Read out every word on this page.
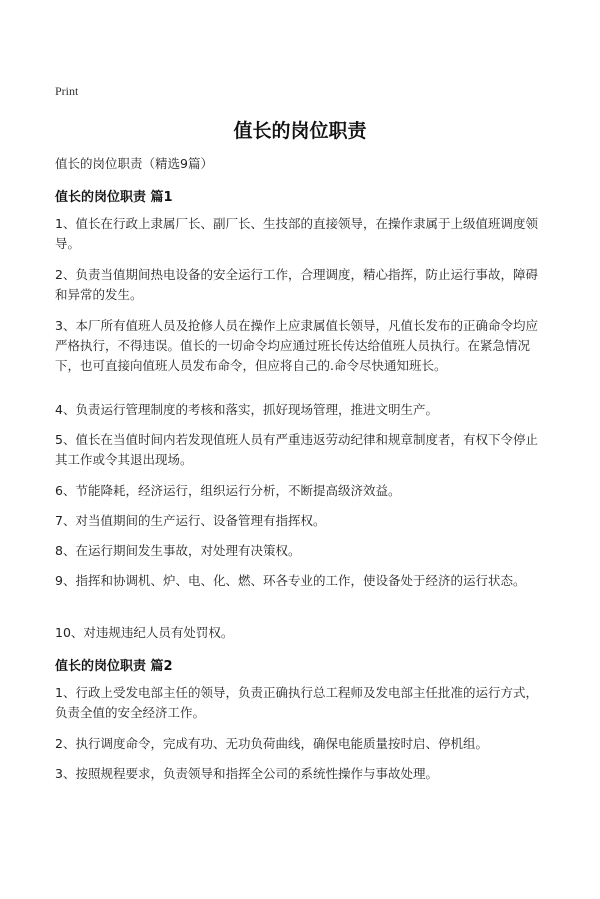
Print
值长的岗位职责
值长的岗位职责（精选9篇）
值长的岗位职责 篇1
1、值长在行政上隶属厂长、副厂长、生技部的直接领导，在操作隶属于上级值班调度领导。
2、负责当值期间热电设备的安全运行工作，合理调度，精心指挥，防止运行事故，障碍和异常的发生。
3、本厂所有值班人员及抢修人员在操作上应隶属值长领导，凡值长发布的正确命令均应严格执行，不得违误。值长的一切命令均应通过班长传达给值班人员执行。在紧急情况下，也可直接向值班人员发布命令，但应将自己的.命令尽快通知班长。
4、负责运行管理制度的考核和落实，抓好现场管理，推进文明生产。
5、值长在当值时间内若发现值班人员有严重违返劳动纪律和规章制度者，有权下令停止其工作或令其退出现场。
6、节能降耗，经济运行，组织运行分析，不断提高级济效益。
7、对当值期间的生产运行、设备管理有指挥权。
8、在运行期间发生事故，对处理有决策权。
9、指挥和协调机、炉、电、化、燃、环各专业的工作，使设备处于经济的运行状态。
10、对违规违纪人员有处罚权。
值长的岗位职责 篇2
1、行政上受发电部主任的领导，负责正确执行总工程师及发电部主任批准的运行方式，负责全值的安全经济工作。
2、执行调度命令，完成有功、无功负荷曲线，确保电能质量按时启、停机组。
3、按照规程要求，负责领导和指挥全公司的系统性操作与事故处理。
